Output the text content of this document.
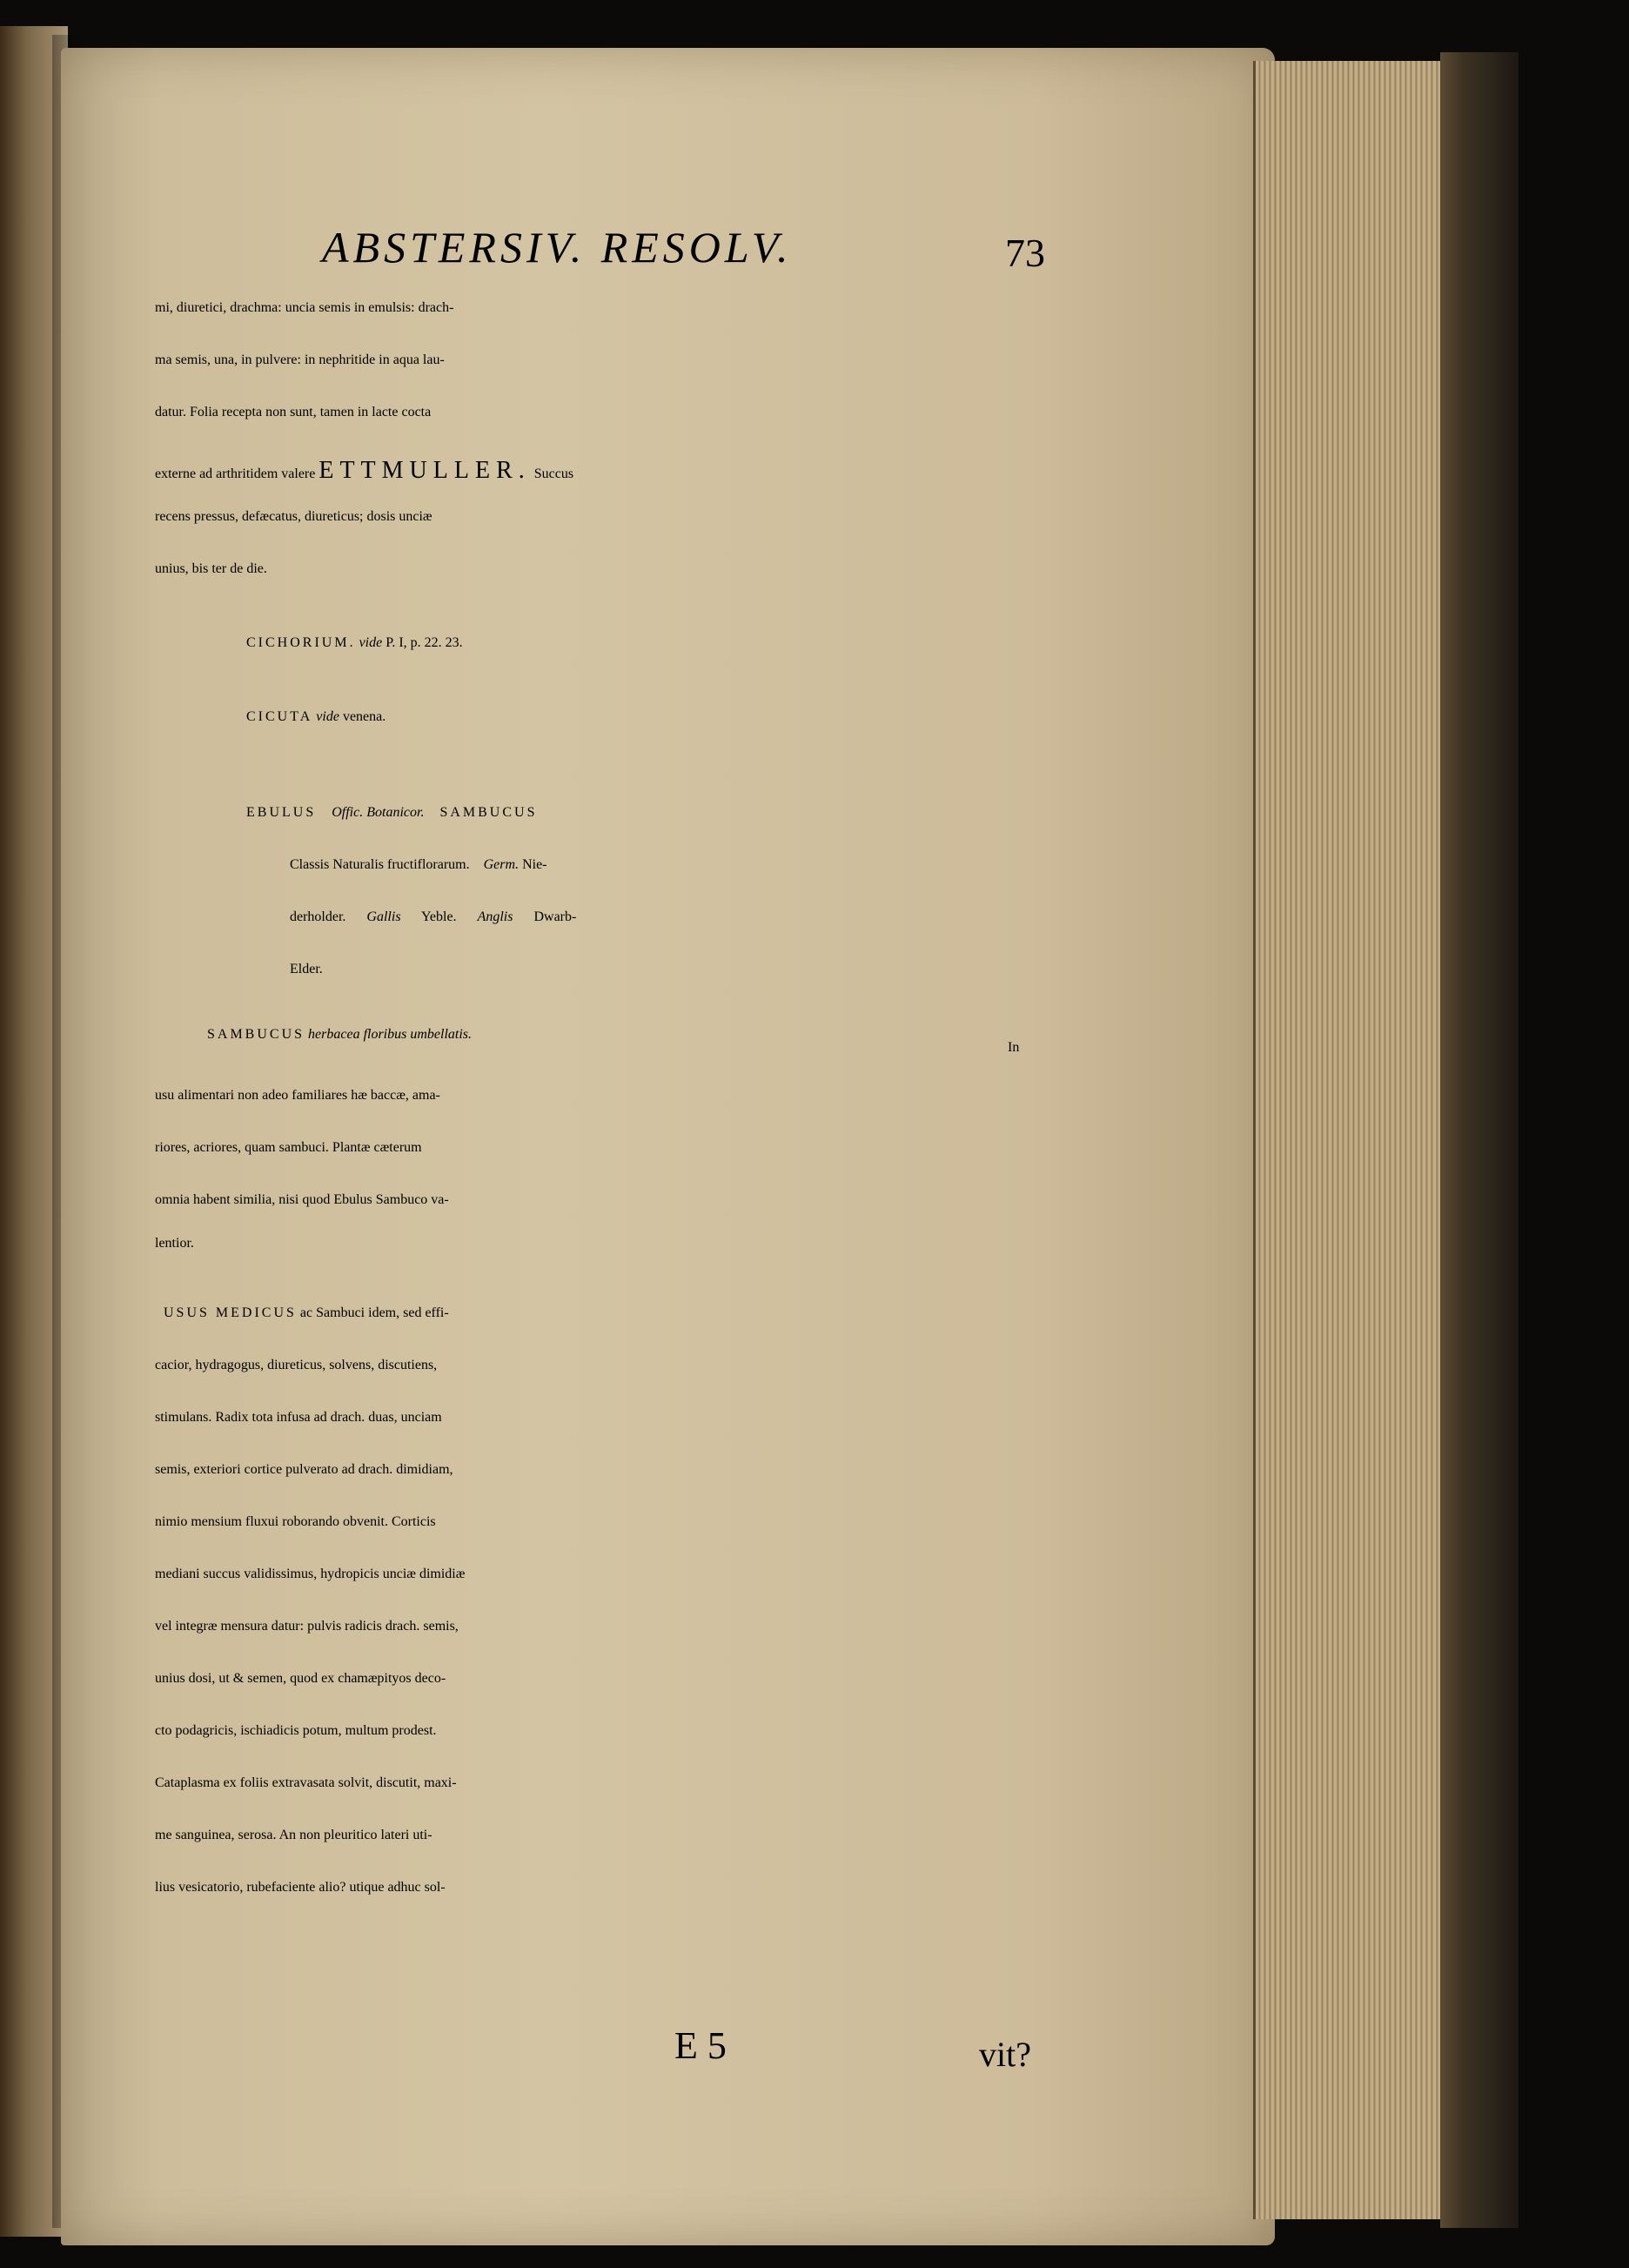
ABSTERSIV. RESOLV.	73
mi, diuretici, drachma: uncia semis in emulsis: drach-
ma semis, una, in pulvere: in nephritide in aqua lau-
datur. Folia recepta non sunt, tamen in lacte cocta
externe ad arthritidem valere ETTMULLER. Succus
recens pressus, defæcatus, diureticus; dosis unciæ
unius, bis ter de die.
CICHORIUM. vide P. I, p. 22. 23.
CICUTA vide venena.
EBULUS Offic. Botanicor. SAMBUCUS
Classis Naturalis fructiflorarum. Germ. Nie-
derholder. Gallis Yeble. Anglis Dwarb-
Elder.
SAMBUCUS herbacea floribus umbellatis.
In
usu alimentari non adeo familiares hæ baccæ, ama-
riores, acriores, quam sambuci. Plantæ cæterum
omnia habent similia, nisi quod Ebulus Sambuco va-
lentior.
USUS MEDICUS ac Sambuci idem, sed effi-
cacior, hydragogus, diureticus, solvens, discutiens,
stimulans. Radix tota infusa ad drach. duas, unciam
semis, exteriori cortice pulverato ad drach. dimidiam,
nimio mensium fluxui roborando obvenit. Corticis
mediani succus validissimus, hydropicis unciæ dimidiæ
vel integræ mensura datur: pulvis radicis drach. semis,
unius dosi, ut & semen, quod ex chamæpityos deco-
cto podagricis, ischiadicis potum, multum prodest.
Cataplasma ex foliis extravasata solvit, discutit, maxi-
me sanguinea, serosa. An non pleuritico lateri uti-
lius vesicatorio, rubefaciente alio? utique adhuc sol-
E 5	vit?
